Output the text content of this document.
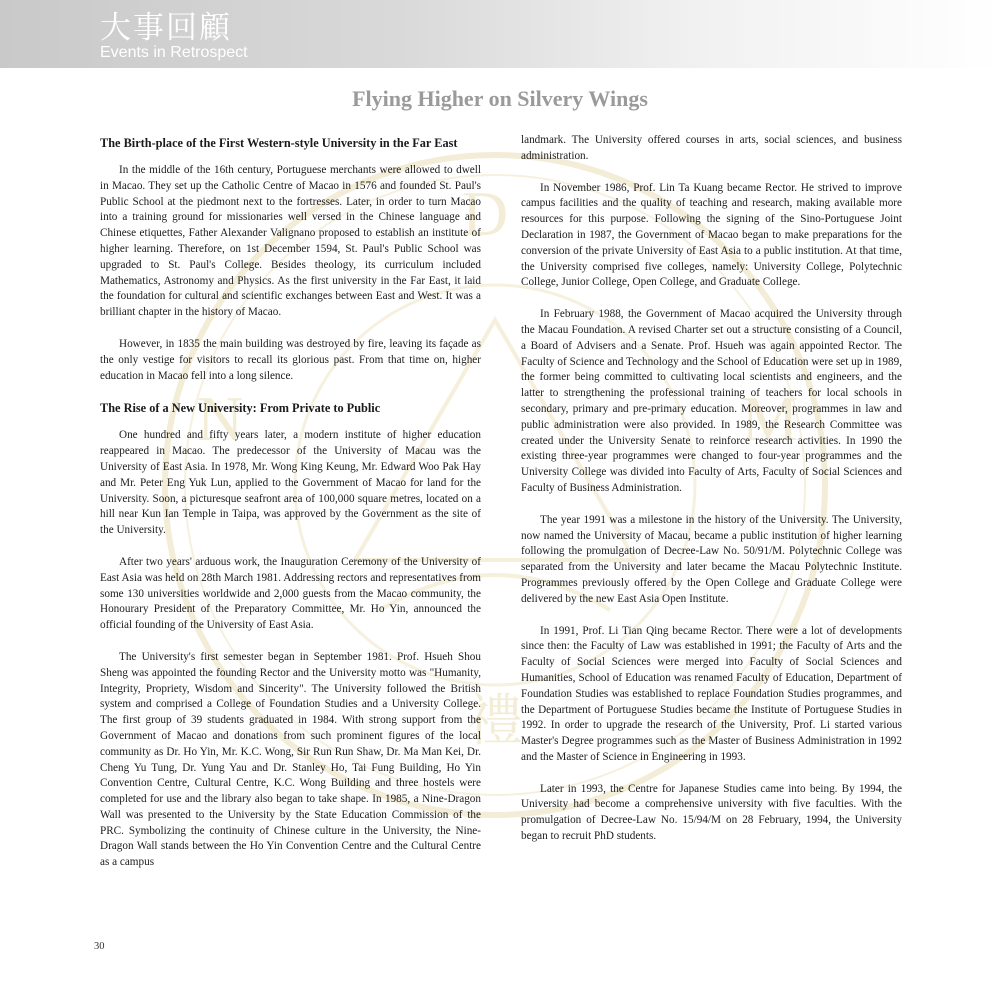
大事回顧
Events in Retrospect
D
N	M
禮
Flying Higher on Silvery Wings
The Birth-place of the First Western-style University in the Far East

In the middle of the 16th century, Portuguese merchants were allowed to dwell in Macao. They set up the Catholic Centre of Macao in 1576 and founded St. Paul's Public School at the piedmont next to the fortresses. Later, in order to turn Macao into a training ground for missionaries well versed in the Chinese language and Chinese etiquettes, Father Alexander Valignano proposed to establish an institute of higher learning. Therefore, on 1st December 1594, St. Paul's Public School was upgraded to St. Paul's College. Besides theology, its curriculum included Mathematics, Astronomy and Physics. As the first university in the Far East, it laid the foundation for cultural and scientific exchanges between East and West. It was a brilliant chapter in the history of Macao.

However, in 1835 the main building was destroyed by fire, leaving its façade as the only vestige for visitors to recall its glorious past. From that time on, higher education in Macao fell into a long silence.

The Rise of a New University: From Private to Public

One hundred and fifty years later, a modern institute of higher education reappeared in Macao. The predecessor of the University of Macau was the University of East Asia. In 1978, Mr. Wong King Keung, Mr. Edward Woo Pak Hay and Mr. Peter Eng Yuk Lun, applied to the Government of Macao for land for the University. Soon, a picturesque seafront area of 100,000 square metres, located on a hill near Kun Ian Temple in Taipa, was approved by the Government as the site of the University.

After two years' arduous work, the Inauguration Ceremony of the University of East Asia was held on 28th March 1981. Addressing rectors and representatives from some 130 universities worldwide and 2,000 guests from the Macao community, the Honourary President of the Preparatory Committee, Mr. Ho Yin, announced the official founding of the University of East Asia.

The University's first semester began in September 1981. Prof. Hsueh Shou Sheng was appointed the founding Rector and the University motto was "Humanity, Integrity, Propriety, Wisdom and Sincerity". The University followed the British system and comprised a College of Foundation Studies and a University College. The first group of 39 students graduated in 1984. With strong support from the Government of Macao and donations from such prominent figures of the local community as Dr. Ho Yin, Mr. K.C. Wong, Sir Run Run Shaw, Dr. Ma Man Kei, Dr. Cheng Yu Tung, Dr. Yung Yau and Dr. Stanley Ho, Tai Fung Building, Ho Yin Convention Centre, Cultural Centre, K.C. Wong Building and three hostels were completed for use and the library also began to take shape. In 1985, a Nine-Dragon Wall was presented to the University by the State Education Commission of the PRC. Symbolizing the continuity of Chinese culture in the University, the Nine-Dragon Wall stands between the Ho Yin Convention Centre and the Cultural Centre as a campus

landmark. The University offered courses in arts, social sciences, and business administration.

In November 1986, Prof. Lin Ta Kuang became Rector. He strived to improve campus facilities and the quality of teaching and research, making available more resources for this purpose. Following the signing of the Sino-Portuguese Joint Declaration in 1987, the Government of Macao began to make preparations for the conversion of the private University of East Asia to a public institution. At that time, the University comprised five colleges, namely: University College, Polytechnic College, Junior College, Open College, and Graduate College.

In February 1988, the Government of Macao acquired the University through the Macau Foundation. A revised Charter set out a structure consisting of a Council, a Board of Advisers and a Senate. Prof. Hsueh was again appointed Rector. The Faculty of Science and Technology and the School of Education were set up in 1989, the former being committed to cultivating local scientists and engineers, and the latter to strengthening the professional training of teachers for local schools in secondary, primary and pre-primary education. Moreover, programmes in law and public administration were also provided. In 1989, the Research Committee was created under the University Senate to reinforce research activities. In 1990 the existing three-year programmes were changed to four-year programmes and the University College was divided into Faculty of Arts, Faculty of Social Sciences and Faculty of Business Administration.

The year 1991 was a milestone in the history of the University. The University, now named the University of Macau, became a public institution of higher learning following the promulgation of Decree-Law No. 50/91/M. Polytechnic College was separated from the University and later became the Macau Polytechnic Institute. Programmes previously offered by the Open College and Graduate College were delivered by the new East Asia Open Institute.

In 1991, Prof. Li Tian Qing became Rector. There were a lot of developments since then: the Faculty of Law was established in 1991; the Faculty of Arts and the Faculty of Social Sciences were merged into Faculty of Social Sciences and Humanities, School of Education was renamed Faculty of Education, Department of Foundation Studies was established to replace Foundation Studies programmes, and the Department of Portuguese Studies became the Institute of Portuguese Studies in 1992. In order to upgrade the research of the University, Prof. Li started various Master's Degree programmes such as the Master of Business Administration in 1992 and the Master of Science in Engineering in 1993.

Later in 1993, the Centre for Japanese Studies came into being. By 1994, the University had become a comprehensive university with five faculties. With the promulgation of Decree-Law No. 15/94/M on 28 February, 1994, the University began to recruit PhD students.

30
